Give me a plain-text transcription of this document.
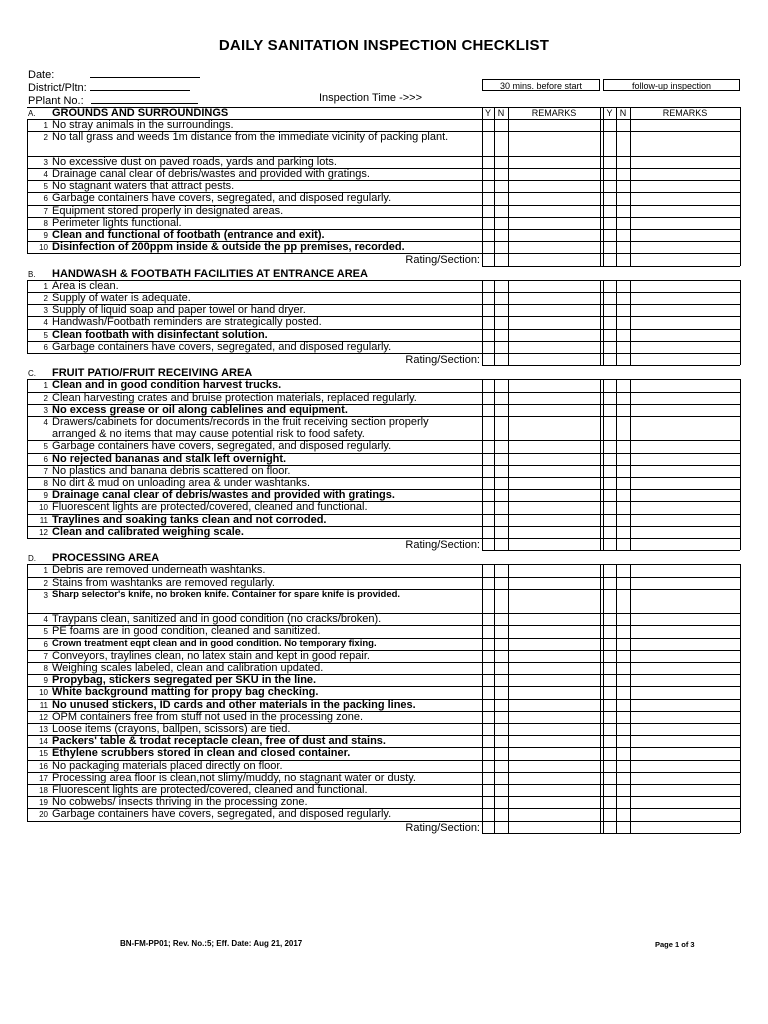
DAILY SANITATION INSPECTION CHECKLIST
Date:
District/Pltn:
PPlant No.:	Inspection Time ->>>
30 mins. before start	follow-up inspection
A. GROUNDS AND SURROUNDINGS	Y N	REMARKS	Y N	REMARKS
1 No stray animals in the surroundings.
2 No tall grass and weeds 1m distance from the immediate vicinity of packing plant.
3 No excessive dust on paved roads, yards and parking lots.
4 Drainage canal clear of debris/wastes and provided with gratings.
5 No stagnant waters that attract pests.
6 Garbage containers have covers, segregated, and disposed regularly.
7 Equipment stored properly in designated areas.
8 Perimeter lights functional.
9 Clean and functional of footbath (entrance and exit).
10 Disinfection of 200ppm inside & outside the pp premises, recorded.
Rating/Section:
B. HANDWASH & FOOTBATH FACILITIES AT ENTRANCE AREA
1 Area is clean.
2 Supply of water is adequate.
3 Supply of liquid soap and paper towel or hand dryer.
4 Handwash/Footbath reminders are strategically posted.
5 Clean footbath with disinfectant solution.
6 Garbage containers have covers, segregated, and disposed regularly.
Rating/Section:
C. FRUIT PATIO/FRUIT RECEIVING AREA
1 Clean and in good condition harvest trucks.
2 Clean harvesting crates and bruise protection materials, replaced regularly.
3 No excess grease or oil along cablelines and equipment.
4 Drawers/cabinets for documents/records in the fruit receiving section properly arranged & no items that may cause potential risk to food safety.
5 Garbage containers have covers, segregated, and disposed regularly.
6 No rejected bananas and stalk left overnight.
7 No plastics and banana debris scattered on floor.
8 No dirt & mud on unloading area & under washtanks.
9 Drainage canal clear of debris/wastes and provided with gratings.
10 Fluorescent lights are protected/covered, cleaned and functional.
11 Traylines and soaking tanks clean and not corroded.
12 Clean and calibrated weighing scale.
Rating/Section:
D. PROCESSING AREA
1 Debris are removed underneath washtanks.
2 Stains from washtanks are removed regularly.
3 Sharp selector's knife, no broken knife. Container for spare knife is provided.
4 Traypans clean, sanitized and in good condition (no cracks/broken).
5 PE foams are in good condition, cleaned and sanitized.
6 Crown treatment eqpt clean and in good condition. No temporary fixing.
7 Conveyors, traylines clean, no latex stain and kept in good repair.
8 Weighing scales labeled, clean and calibration updated.
9 Propybag, stickers segregated per SKU in the line.
10 White background matting for propy bag checking.
11 No unused stickers, ID cards and other materials in the packing lines.
12 OPM containers free from stuff not used in the processing zone.
13 Loose items (crayons, ballpen, scissors) are tied.
14 Packers' table & trodat receptacle clean, free of dust and stains.
15 Ethylene scrubbers stored in clean and closed container.
16 No packaging materials placed directly on floor.
17 Processing area floor is clean,not slimy/muddy, no stagnant water or dusty.
18 Fluorescent lights are protected/covered, cleaned and functional.
19 No cobwebs/ insects thriving in the processing zone.
20 Garbage containers have covers, segregated, and disposed regularly.
Rating/Section:
BN-FM-PP01; Rev. No.:5; Eff. Date: Aug 21, 2017	Page 1 of 3
